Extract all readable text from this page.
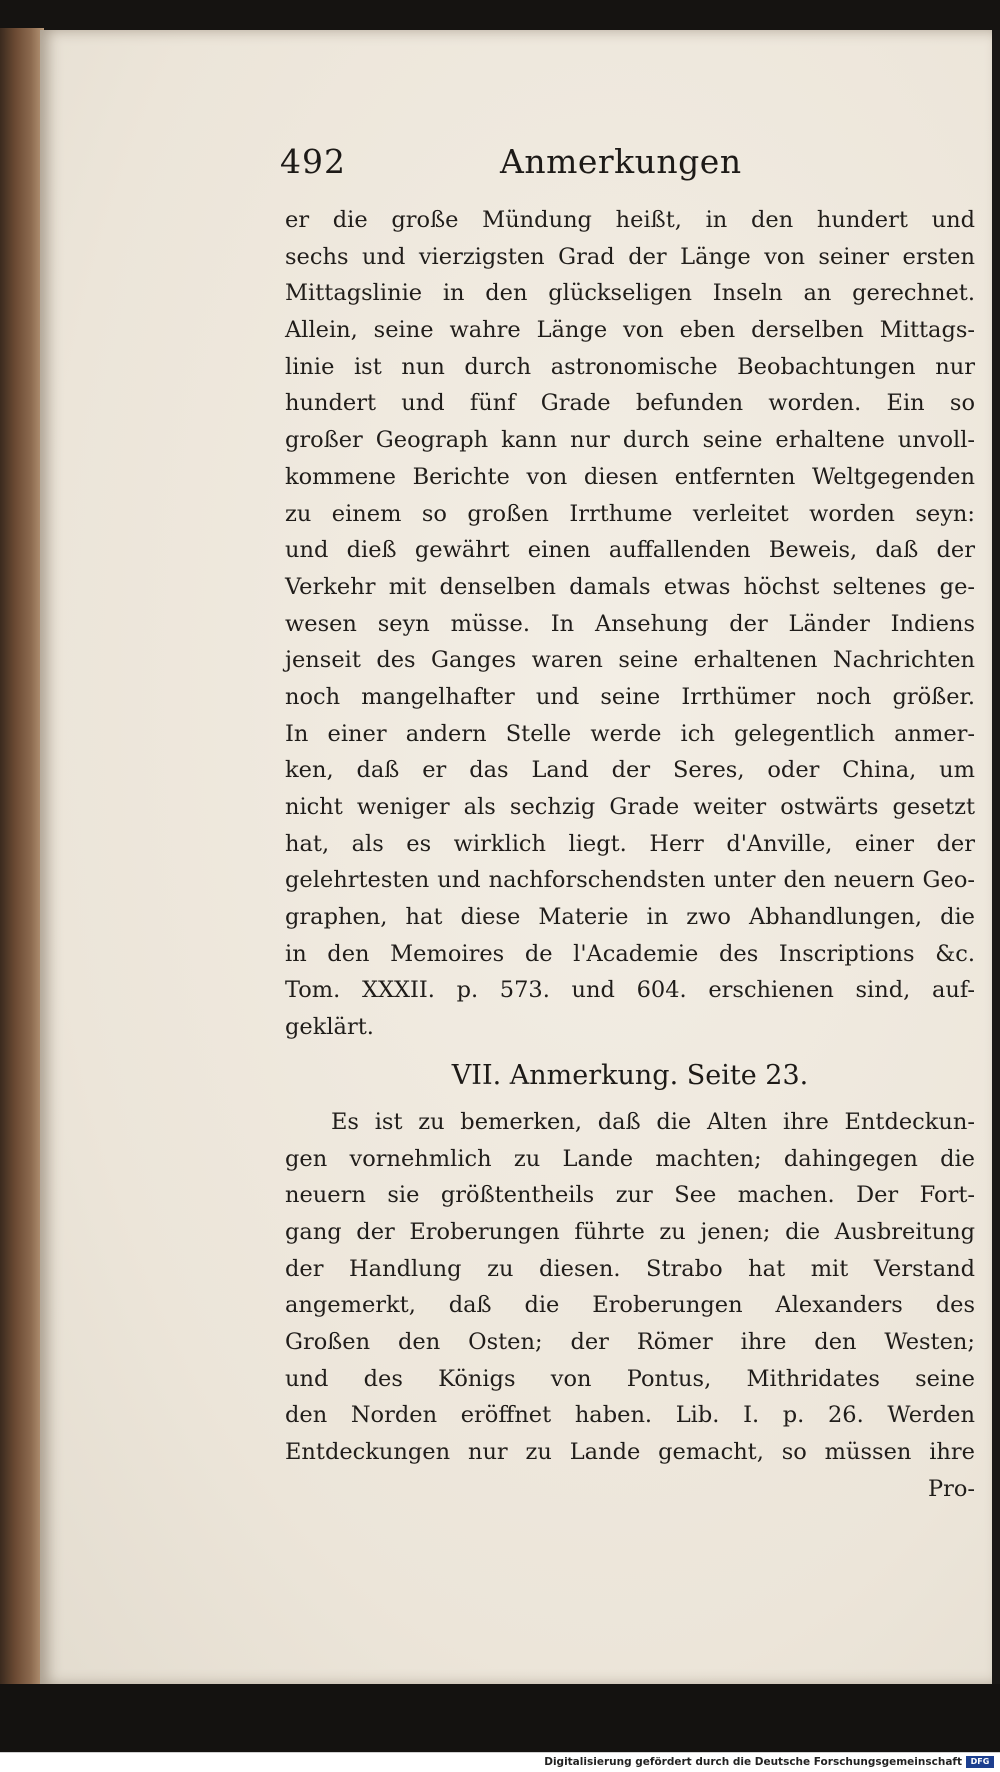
492	Anmerkungen
er die große Mündung heißt, in den hundert und
sechs und vierzigsten Grad der Länge von seiner ersten
Mittagslinie in den glückseligen Inseln an gerechnet.
Allein, seine wahre Länge von eben derselben Mittags-
linie ist nun durch astronomische Beobachtungen nur
hundert und fünf Grade befunden worden. Ein so
großer Geograph kann nur durch seine erhaltene unvoll-
kommene Berichte von diesen entfernten Weltgegenden
zu einem so großen Irrthume verleitet worden seyn:
und dieß gewährt einen auffallenden Beweis, daß der
Verkehr mit denselben damals etwas höchst seltenes ge-
wesen seyn müsse. In Ansehung der Länder Indiens
jenseit des Ganges waren seine erhaltenen Nachrichten
noch mangelhafter und seine Irrthümer noch größer.
In einer andern Stelle werde ich gelegentlich anmer-
ken, daß er das Land der Seres, oder China, um
nicht weniger als sechzig Grade weiter ostwärts gesetzt
hat, als es wirklich liegt. Herr d'Anville, einer der
gelehrtesten und nachforschendsten unter den neuern Geo-
graphen, hat diese Materie in zwo Abhandlungen, die
in den Memoires de l'Academie des Inscriptions &c.
Tom. XXXII. p. 573. und 604. erschienen sind, auf-
geklärt.
VII. Anmerkung. Seite 23.
Es ist zu bemerken, daß die Alten ihre Entdeckun-
gen vornehmlich zu Lande machten; dahingegen die
neuern sie größtentheils zur See machen. Der Fort-
gang der Eroberungen führte zu jenen; die Ausbreitung
der Handlung zu diesen. Strabo hat mit Verstand
angemerkt, daß die Eroberungen Alexanders des
Großen den Osten; der Römer ihre den Westen;
und des Königs von Pontus, Mithridates seine
den Norden eröffnet haben. Lib. I. p. 26. Werden
Entdeckungen nur zu Lande gemacht, so müssen ihre
Pro-
Digitalisierung gefördert durch die Deutsche Forschungsgemeinschaft	DFG
